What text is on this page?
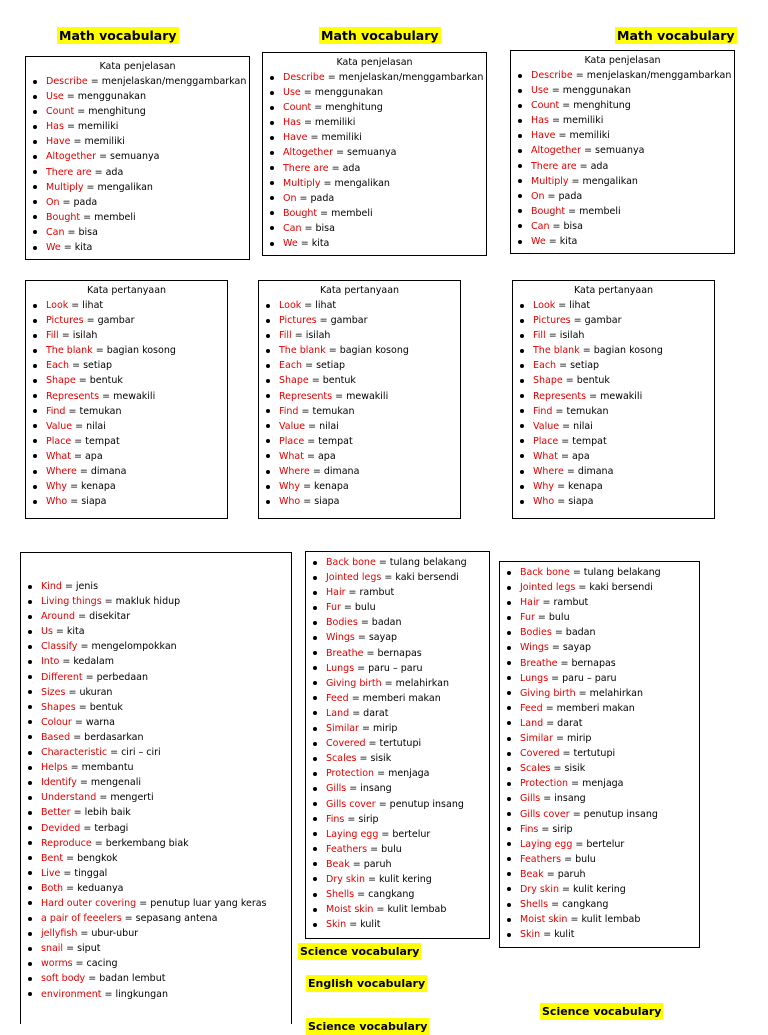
Math vocabulary	Math vocabulary	Math vocabulary
Kata penjelasan
Describe = menjelaskan/menggambarkan
Use = menggunakan
Count = menghitung
Has = memiliki
Have = memiliki
Altogether = semuanya
There are = ada
Multiply = mengalikan
On = pada
Bought = membeli
Can = bisa
We = kita
Kata penjelasan
Describe = menjelaskan/menggambarkan
Use = menggunakan
Count = menghitung
Has = memiliki
Have = memiliki
Altogether = semuanya
There are = ada
Multiply = mengalikan
On = pada
Bought = membeli
Can = bisa
We = kita
Kata penjelasan
Describe = menjelaskan/menggambarkan
Use = menggunakan
Count = menghitung
Has = memiliki
Have = memiliki
Altogether = semuanya
There are = ada
Multiply = mengalikan
On = pada
Bought = membeli
Can = bisa
We = kita
Kata pertanyaan
Look = lihat
Pictures = gambar
Fill = isilah
The blank = bagian kosong
Each = setiap
Shape = bentuk
Represents = mewakili
Find = temukan
Value = nilai
Place = tempat
What = apa
Where = dimana
Why = kenapa
Who = siapa
Kata pertanyaan
Look = lihat
Pictures = gambar
Fill = isilah
The blank = bagian kosong
Each = setiap
Shape = bentuk
Represents = mewakili
Find = temukan
Value = nilai
Place = tempat
What = apa
Where = dimana
Why = kenapa
Who = siapa
Kata pertanyaan
Look = lihat
Pictures = gambar
Fill = isilah
The blank = bagian kosong
Each = setiap
Shape = bentuk
Represents = mewakili
Find = temukan
Value = nilai
Place = tempat
What = apa
Where = dimana
Why = kenapa
Who = siapa
Kind = jenis
Living things = makluk hidup
Around = disekitar
Us = kita
Classify = mengelompokkan
Into = kedalam
Different = perbedaan
Sizes = ukuran
Shapes = bentuk
Colour = warna
Based = berdasarkan
Characteristic = ciri – ciri
Helps = membantu
Identify = mengenali
Understand = mengerti
Better = lebih baik
Devided = terbagi
Reproduce = berkembang biak
Bent = bengkok
Live = tinggal
Both = keduanya
Hard outer covering = penutup luar yang keras
a pair of feeelers = sepasang antena
jellyfish = ubur-ubur
snail = siput
worms = cacing
soft body = badan lembut
environment = lingkungan
Back bone = tulang belakang
Jointed legs = kaki bersendi
Hair = rambut
Fur = bulu
Bodies = badan
Wings = sayap
Breathe = bernapas
Lungs = paru – paru
Giving birth = melahirkan
Feed = memberi makan
Land = darat
Similar = mirip
Covered = tertutupi
Scales = sisik
Protection = menjaga
Gills = insang
Gills cover = penutup insang
Fins = sirip
Laying egg = bertelur
Feathers = bulu
Beak = paruh
Dry skin = kulit kering
Shells = cangkang
Moist skin = kulit lembab
Skin = kulit
Back bone = tulang belakang
Jointed legs = kaki bersendi
Hair = rambut
Fur = bulu
Bodies = badan
Wings = sayap
Breathe = bernapas
Lungs = paru – paru
Giving birth = melahirkan
Feed = memberi makan
Land = darat
Similar = mirip
Covered = tertutupi
Scales = sisik
Protection = menjaga
Gills = insang
Gills cover = penutup insang
Fins = sirip
Laying egg = bertelur
Feathers = bulu
Beak = paruh
Dry skin = kulit kering
Shells = cangkang
Moist skin = kulit lembab
Skin = kulit
Science vocabulary
English vocabulary
Science vocabulary
Science vocabulary
